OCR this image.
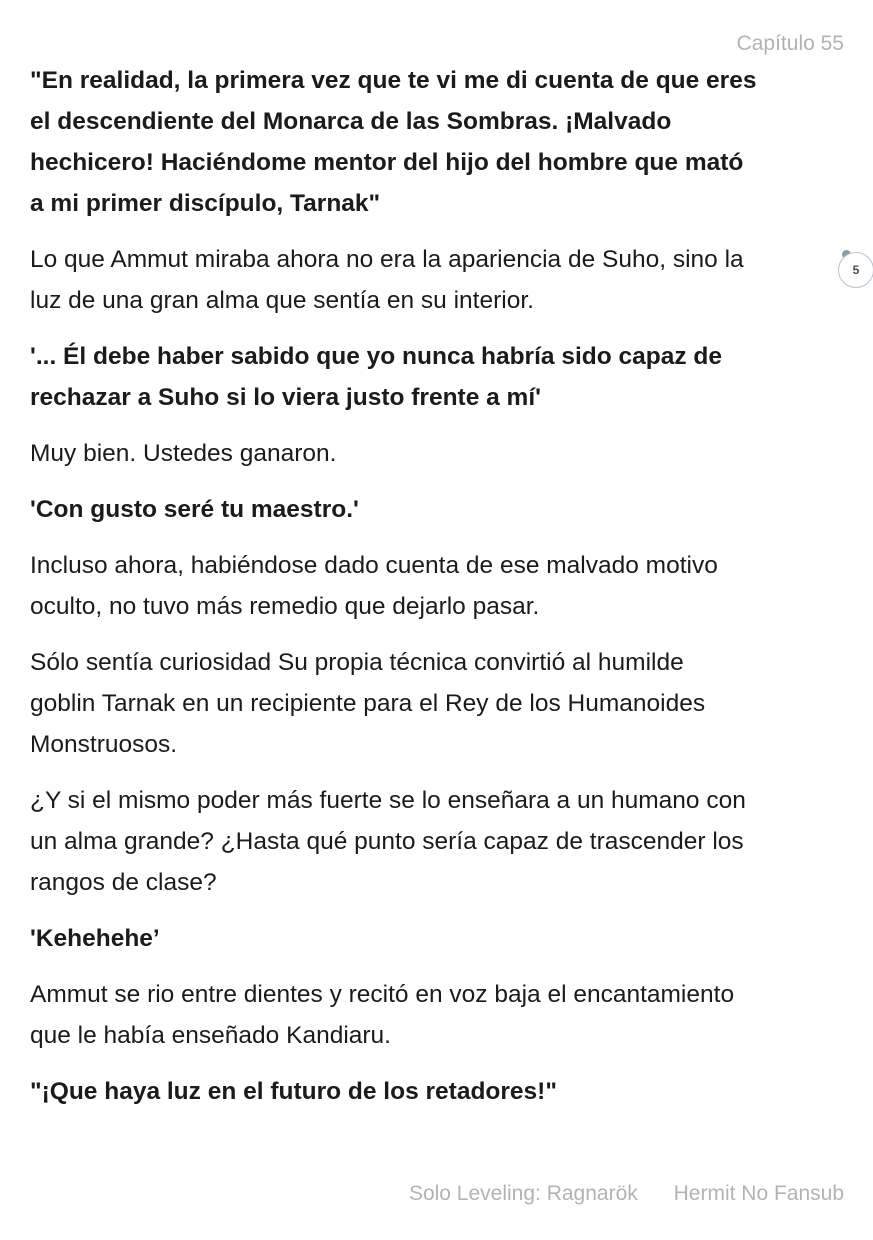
Capítulo 55

"En realidad, la primera vez que te vi me di cuenta de que eres
el descendiente del Monarca de las Sombras. ¡Malvado
hechicero! Haciéndome mentor del hijo del hombre que mató
a mi primer discípulo, Tarnak"

Lo que Ammut miraba ahora no era la apariencia de Suho, sino la
luz de una gran alma que sentía en su interior.

'... Él debe haber sabido que yo nunca habría sido capaz de
rechazar a Suho si lo viera justo frente a mí'

Muy bien. Ustedes ganaron.

'Con gusto seré tu maestro.'

Incluso ahora, habiéndose dado cuenta de ese malvado motivo
oculto, no tuvo más remedio que dejarlo pasar.

Sólo sentía curiosidad Su propia técnica convirtió al humilde
goblin Tarnak en un recipiente para el Rey de los Humanoides
Monstruosos.

¿Y si el mismo poder más fuerte se lo enseñara a un humano con
un alma grande? ¿Hasta qué punto sería capaz de trascender los
rangos de clase?

'Kehehehe’

Ammut se rio entre dientes y recitó en voz baja el encantamiento
que le había enseñado Kandiaru.

"¡Que haya luz en el futuro de los retadores!"

5
Solo Leveling: Ragnarök Hermit No Fansub
